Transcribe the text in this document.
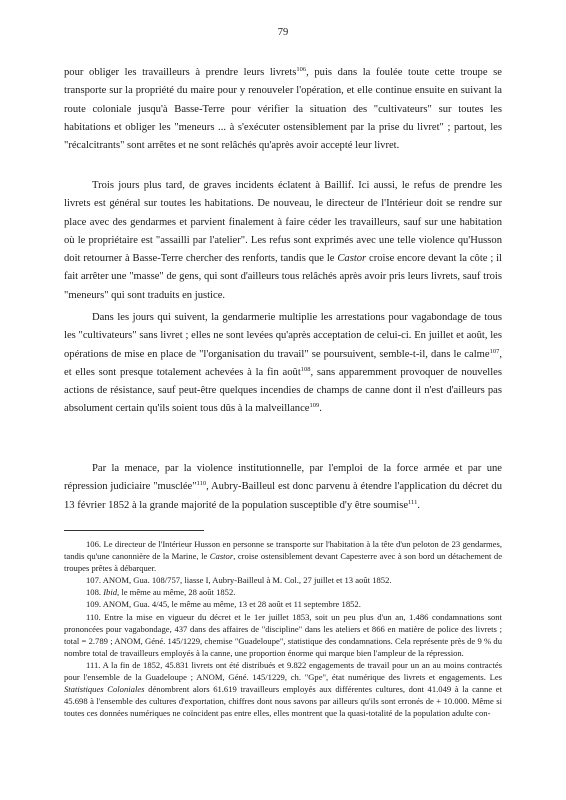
79

pour obliger les travailleurs à prendre leurs livrets$^{106}$, puis dans la foulée toute cette troupe se transporte sur la propriété du maire pour y renouveler l'opération, et elle continue ensuite en suivant la route coloniale jusqu'à Basse-Terre pour vérifier la situation des "cultivateurs" sur toutes les habitations et obliger les "meneurs ... à s'exécuter ostensiblement par la prise du livret" ; partout, les "récalcitrants" sont arrêtes et ne sont relâchés qu'après avoir accepté leur livret.

Trois jours plus tard, de graves incidents éclatent à Baillif. Ici aussi, le refus de prendre les livrets est général sur toutes les habitations. De nouveau, le directeur de l'Intérieur doit se rendre sur place avec des gendarmes et parvient finalement à faire céder les travailleurs, sauf sur une habitation où le propriétaire est "assailli par l'atelier". Les refus sont exprimés avec une telle violence qu'Husson doit retourner à Basse-Terre chercher des renforts, tandis que le Castor croise encore devant la côte ; il fait arrêter une "masse" de gens, qui sont d'ailleurs tous relâchés après avoir pris leurs livrets, sauf trois "meneurs" qui sont traduits en justice.

Dans les jours qui suivent, la gendarmerie multiplie les arrestations pour vagabondage de tous les "cultivateurs" sans livret ; elles ne sont levées qu'après acceptation de celui-ci. En juillet et août, les opérations de mise en place de "l'organisation du travail" se poursuivent, semble-t-il, dans le calme$^{107}$, et elles sont presque totalement achevées à la fin août$^{108}$, sans apparemment provoquer de nouvelles actions de résistance, sauf peut-être quelques incendies de champs de canne dont il n'est d'ailleurs pas absolument certain qu'ils soient tous dûs à la malveillance$^{109}$.

Par la menace, par la violence institutionnelle, par l'emploi de la force armée et par une répression judiciaire "musclée"$^{110}$, Aubry-Bailleul est donc parvenu à étendre l'application du décret du 13 février 1852 à la grande majorité de la population susceptible d'y être soumise$^{111}$.

106. Le directeur de l'Intérieur Husson en personne se transporte sur l'habitation à la tête d'un peloton de 23 gendarmes, tandis qu'une canonnière de la Marine, le Castor, croise ostensiblement devant Capesterre avec à son bord un détachement de troupes prêtes à débarquer.

107. ANOM, Gua. 108/757, liasse I, Aubry-Bailleul à M. Col., 27 juillet et 13 août 1852.

108. Ibid, le même au même, 28 août 1852.

109. ANOM, Gua. 4/45, le même au même, 13 et 28 août et 11 septembre 1852.

110. Entre la mise en vigueur du décret et le 1er juillet 1853, soit un peu plus d'un an, 1.486 condamnations sont prononcées pour vagabondage, 437 dans des affaires de "discipline" dans les ateliers et 866 en matière de police des livrets ; total = 2.789 ; ANOM, Géné. 145/1229, chemise "Guadeloupe", statistique des condamnations. Cela représente près de 9 % du nombre total de travailleurs employés à la canne, une proportion énorme qui marque bien l'ampleur de la répression.

111. A la fin de 1852, 45.831 livrets ont été distribués et 9.822 engagements de travail pour un an au moins contractés pour l'ensemble de la Guadeloupe ; ANOM, Géné. 145/1229, ch. "Gpe", état numérique des livrets et engagements. Les Statistiques Coloniales dénombrent alors 61.619 travailleurs employés aux différentes cultures, dont 41.049 à la canne et 45.698 à l'ensemble des cultures d'exportation, chiffres dont nous savons par ailleurs qu'ils sont erronés de + 10.000. Même si toutes ces données numériques ne coïncident pas entre elles, elles montrent que la quasi-totalité de la population adulte con-
